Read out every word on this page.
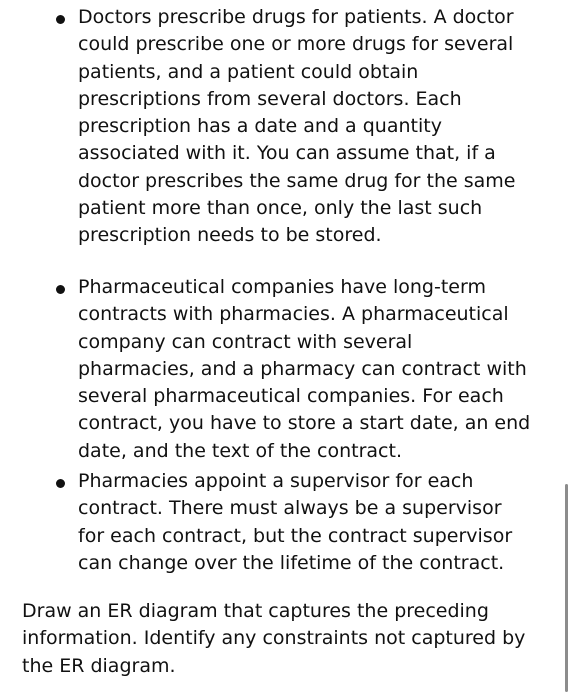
Doctors prescribe drugs for patients. A doctor
could prescribe one or more drugs for several
patients, and a patient could obtain
prescriptions from several doctors. Each
prescription has a date and a quantity
associated with it. You can assume that, if a
doctor prescribes the same drug for the same
patient more than once, only the last such
prescription needs to be stored.

Pharmaceutical companies have long-term
contracts with pharmacies. A pharmaceutical
company can contract with several
pharmacies, and a pharmacy can contract with
several pharmaceutical companies. For each
contract, you have to store a start date, an end
date, and the text of the contract.

Pharmacies appoint a supervisor for each
contract. There must always be a supervisor
for each contract, but the contract supervisor
can change over the lifetime of the contract.

Draw an ER diagram that captures the preceding
information. Identify any constraints not captured by
the ER diagram.
